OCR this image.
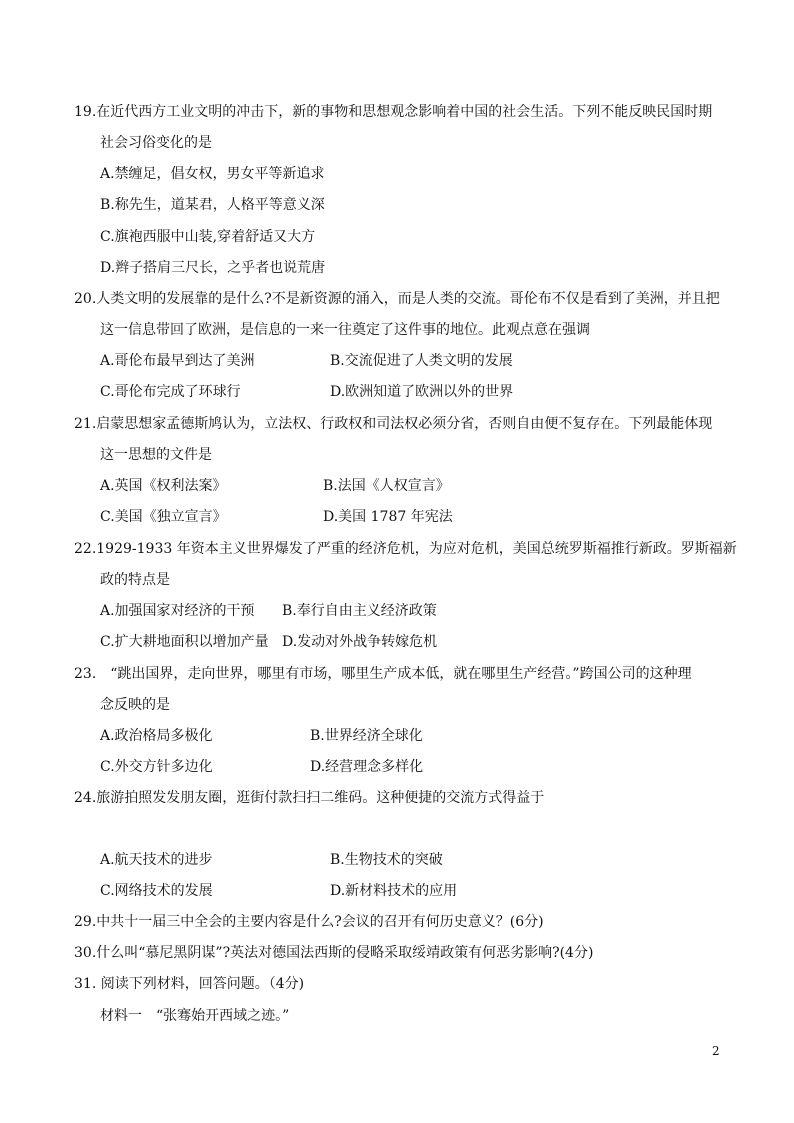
19.在近代西方工业文明的冲击下，新的事物和思想观念影响着中国的社会生活。下列不能反映民国时期
社会习俗变化的是
A.禁缠足，倡女权，男女平等新追求
B.称先生，道某君，人格平等意义深
C.旗袍西服中山装,穿着舒适又大方
D.辫子搭肩三尺长，之乎者也说荒唐
20.人类文明的发展靠的是什么?不是新资源的涌入，而是人类的交流。哥伦布不仅是看到了美洲，并且把
这一信息带回了欧洲，是信息的一来一往奠定了这件事的地位。此观点意在强调
A.哥伦布最早到达了美洲	B.交流促进了人类文明的发展
C.哥伦布完成了环球行	D.欧洲知道了欧洲以外的世界
21.启蒙思想家孟德斯鸠认为，立法权、行政权和司法权必须分省，否则自由便不复存在。下列最能体现
这一思想的文件是
A.英国《权利法案》	B.法国《人权宣言》
C.美国《独立宣言》	D.美国 1787 年宪法
22.1929-1933 年资本主义世界爆发了严重的经济危机，为应对危机，美国总统罗斯福推行新政。罗斯福新
政的特点是
A.加强国家对经济的干预 B.奉行自由主义经济政策
C.扩大耕地面积以增加产量 D.发动对外战争转嫁危机
23.　“跳出国界，走向世界，哪里有市场，哪里生产成本低，就在哪里生产经营。”跨国公司的这种理
念反映的是
A.政治格局多极化	B.世界经济全球化
C.外交方针多边化	D.经营理念多样化
24.旅游拍照发发朋友圈，逛街付款扫扫二维码。这种便捷的交流方式得益于
A.航天技术的进步	B.生物技术的突破
C.网络技术的发展	D.新材料技术的应用
29.中共十一届三中全会的主要内容是什么?会议的召开有何历史意义？(6分)
30.什么叫“慕尼黑阴谋”?英法对德国法西斯的侵略采取绥靖政策有何恶劣影响?(4分)
31. 阅读下列材料，回答问题。（4分)
材料一　“张骞始开西域之迹。”
2
